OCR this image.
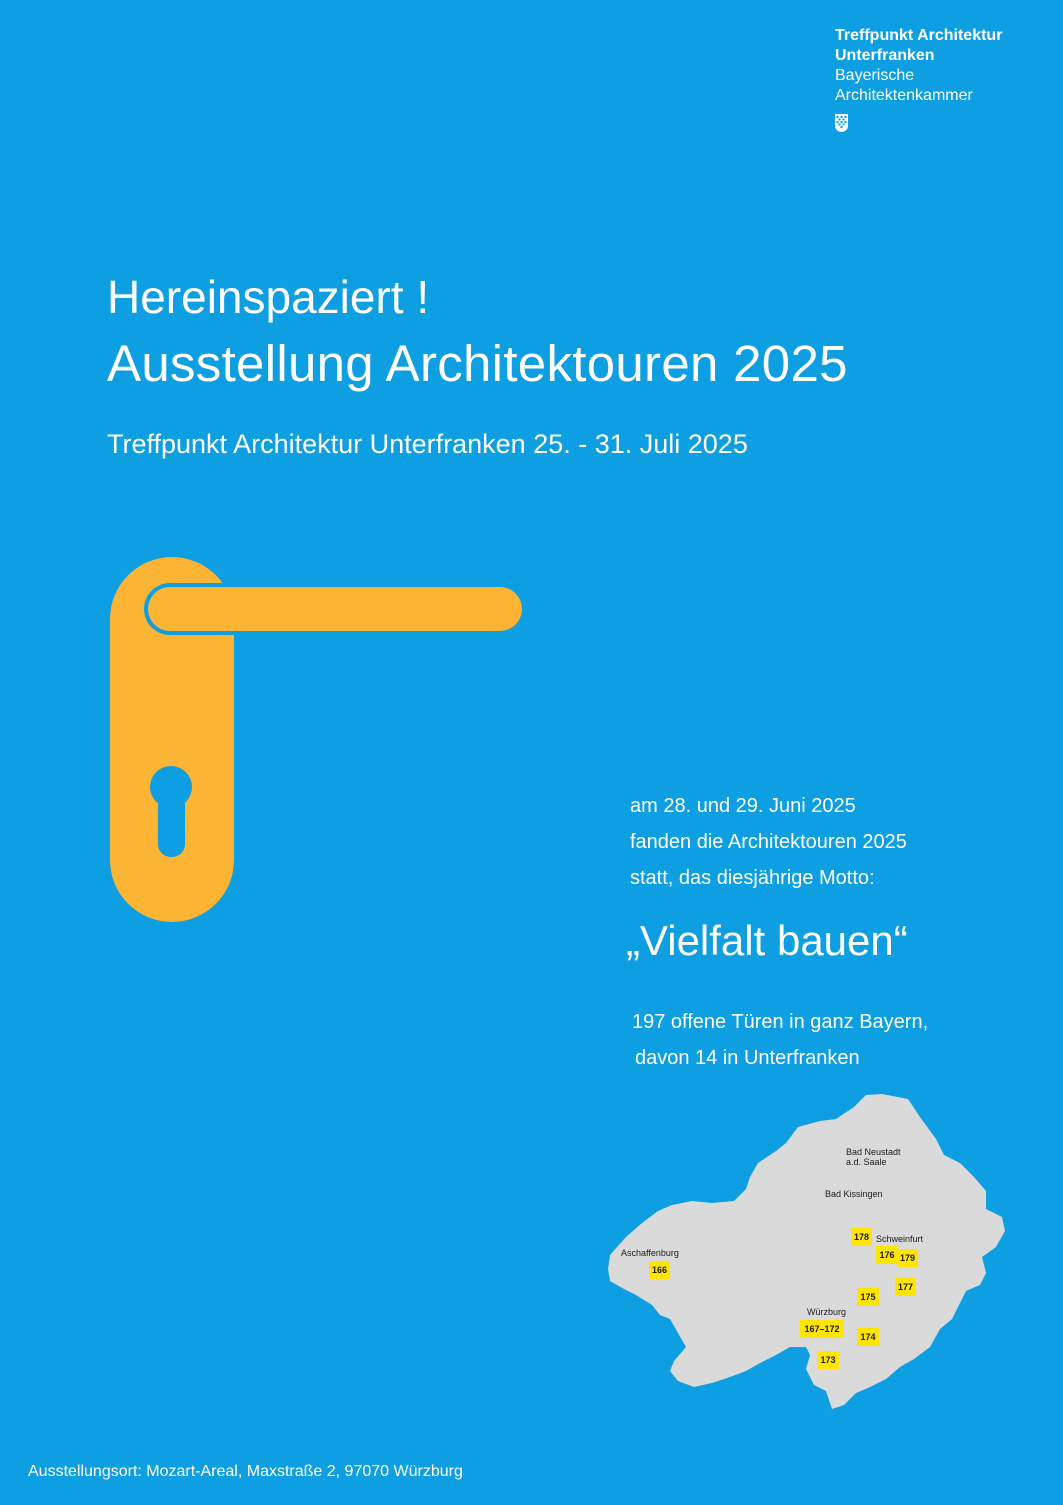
Treffpunkt Architektur
Unterfranken
Bayerische
Architektenkammer
Hereinspaziert !
Ausstellung Architektouren 2025
Treffpunkt Architektur Unterfranken 25. - 31. Juli 2025
am 28. und 29. Juni 2025
fanden die Architektouren 2025
statt, das diesjährige Motto:
„Vielfalt bauen“
197 offene Türen in ganz Bayern,
davon 14 in Unterfranken
Bad Neustadt
a.d. Saale
Bad Kissingen
Schweinfurt
Aschaffenburg
Würzburg
178
176 179
166
177
175
167–172
174
173
Ausstellungsort: Mozart-Areal, Maxstraße 2, 97070 Würzburg
